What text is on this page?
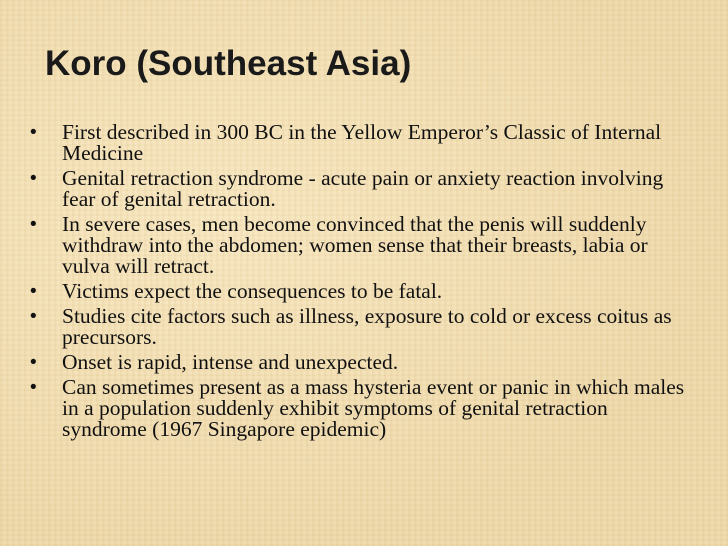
Koro (Southeast Asia)
• First described in 300 BC in the Yellow Emperor’s Classic of Internal Medicine
• Genital retraction syndrome - acute pain or anxiety reaction involving fear of genital retraction.
• In severe cases, men become convinced that the penis will suddenly withdraw into the abdomen; women sense that their breasts, labia or vulva will retract.
• Victims expect the consequences to be fatal.
• Studies cite factors such as illness, exposure to cold or excess coitus as precursors.
• Onset is rapid, intense and unexpected.
• Can sometimes present as a mass hysteria event or panic in which males in a population suddenly exhibit symptoms of genital retraction syndrome (1967 Singapore epidemic)
